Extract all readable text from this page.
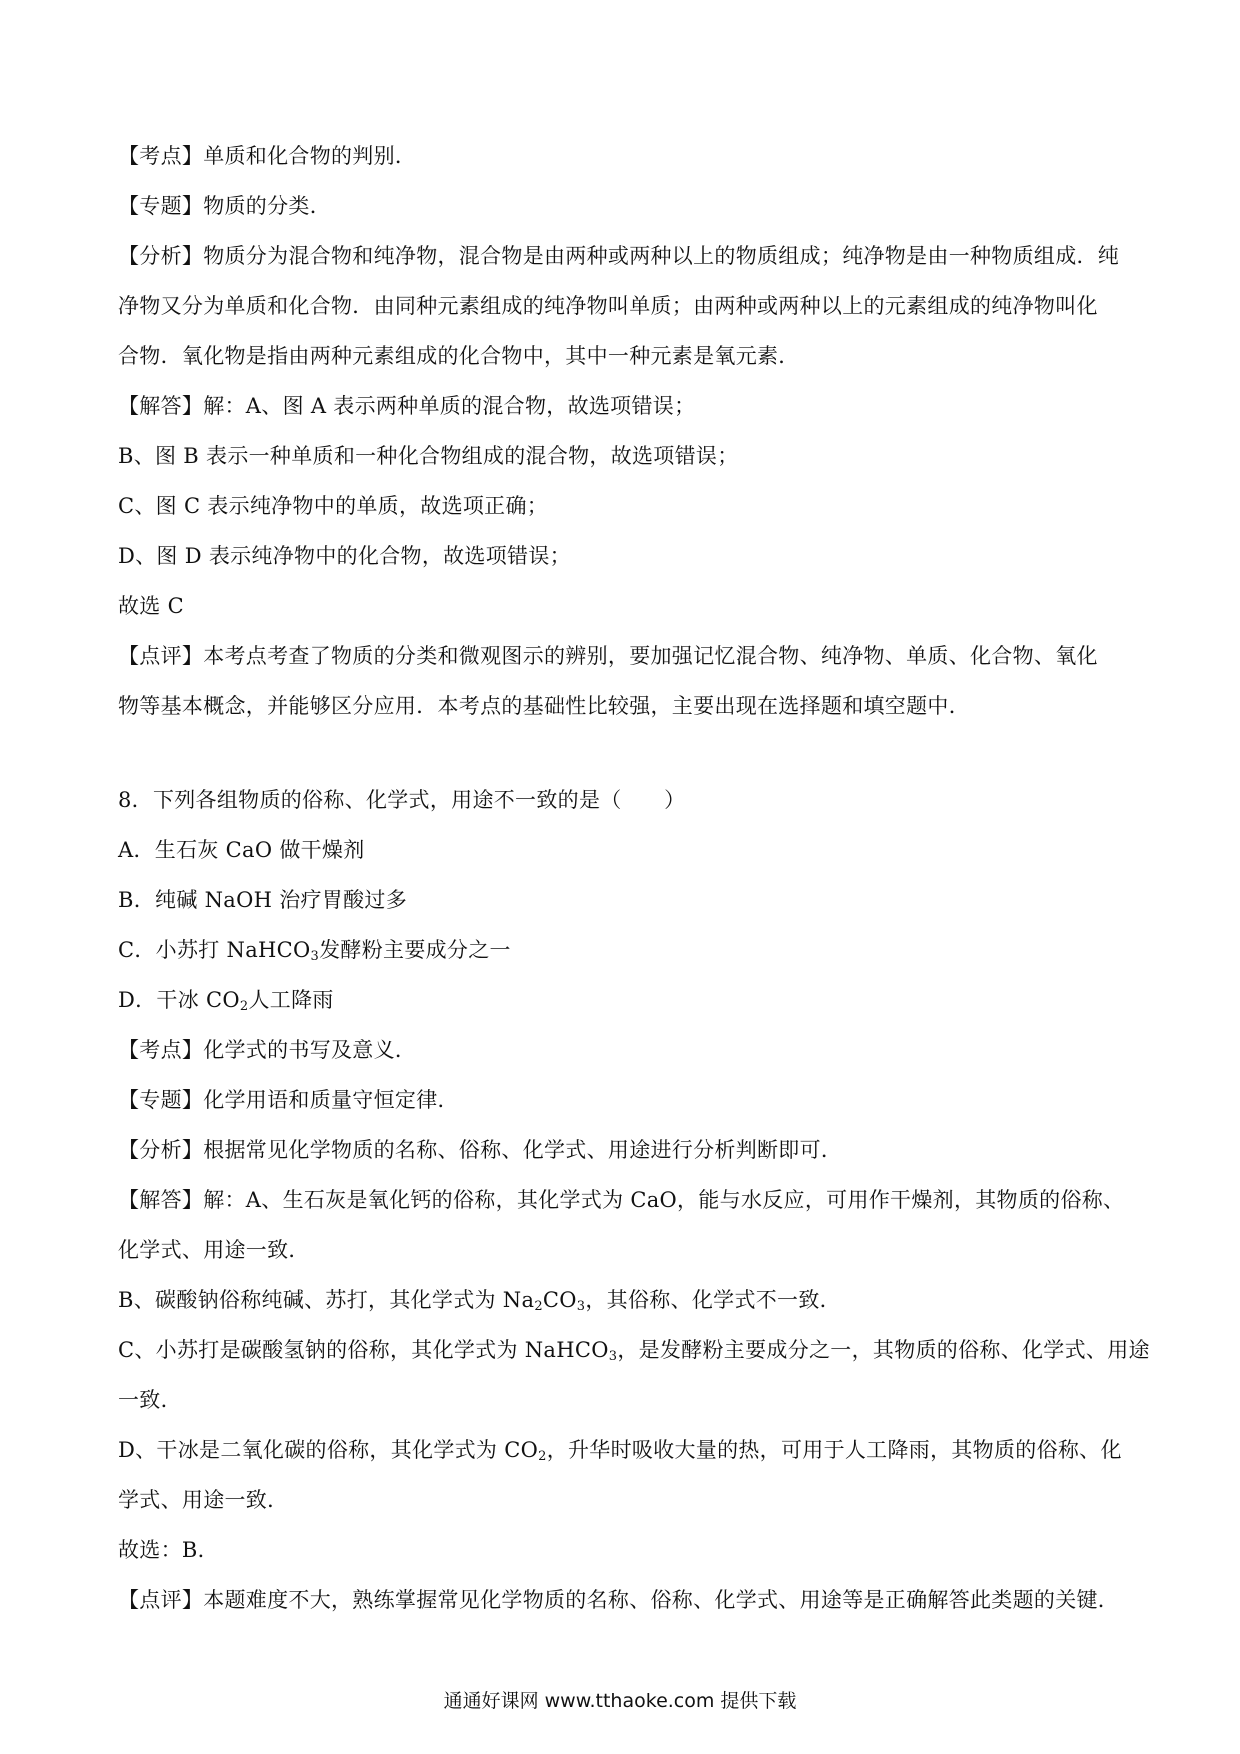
【考点】单质和化合物的判别．

【专题】物质的分类．

【分析】物质分为混合物和纯净物，混合物是由两种或两种以上的物质组成；纯净物是由一种物质组成．纯

净物又分为单质和化合物．由同种元素组成的纯净物叫单质；由两种或两种以上的元素组成的纯净物叫化

合物．氧化物是指由两种元素组成的化合物中，其中一种元素是氧元素．

【解答】解：A、图 A 表示两种单质的混合物，故选项错误；

B、图 B 表示一种单质和一种化合物组成的混合物，故选项错误；

C、图 C 表示纯净物中的单质，故选项正确；

D、图 D 表示纯净物中的化合物，故选项错误；

故选 C

【点评】本考点考查了物质的分类和微观图示的辨别，要加强记忆混合物、纯净物、单质、化合物、氧化

物等基本概念，并能够区分应用．本考点的基础性比较强，主要出现在选择题和填空题中．

8．下列各组物质的俗称、化学式，用途不一致的是（　　）

A．生石灰 CaO 做干燥剂

B．纯碱 NaOH 治疗胃酸过多

C．小苏打 NaHCO$_3$发酵粉主要成分之一

D．干冰 $CO_2$人工降雨

【考点】化学式的书写及意义．

【专题】化学用语和质量守恒定律．

【分析】根据常见化学物质的名称、俗称、化学式、用途进行分析判断即可．

【解答】解：A、生石灰是氧化钙的俗称，其化学式为 CaO，能与水反应，可用作干燥剂，其物质的俗称、

化学式、用途一致．

B、碳酸钠俗称纯碱、苏打，其化学式为 $Na_2CO_3$，其俗称、化学式不一致．

C、小苏打是碳酸氢钠的俗称，其化学式为 NaHCO$_3$，是发酵粉主要成分之一，其物质的俗称、化学式、用途

一致．

D、干冰是二氧化碳的俗称，其化学式为 $CO_2$，升华时吸收大量的热，可用于人工降雨，其物质的俗称、化

学式、用途一致．

故选：B．

【点评】本题难度不大，熟练掌握常见化学物质的名称、俗称、化学式、用途等是正确解答此类题的关键．

通通好课网 www.tthaoke.com 提供下载
